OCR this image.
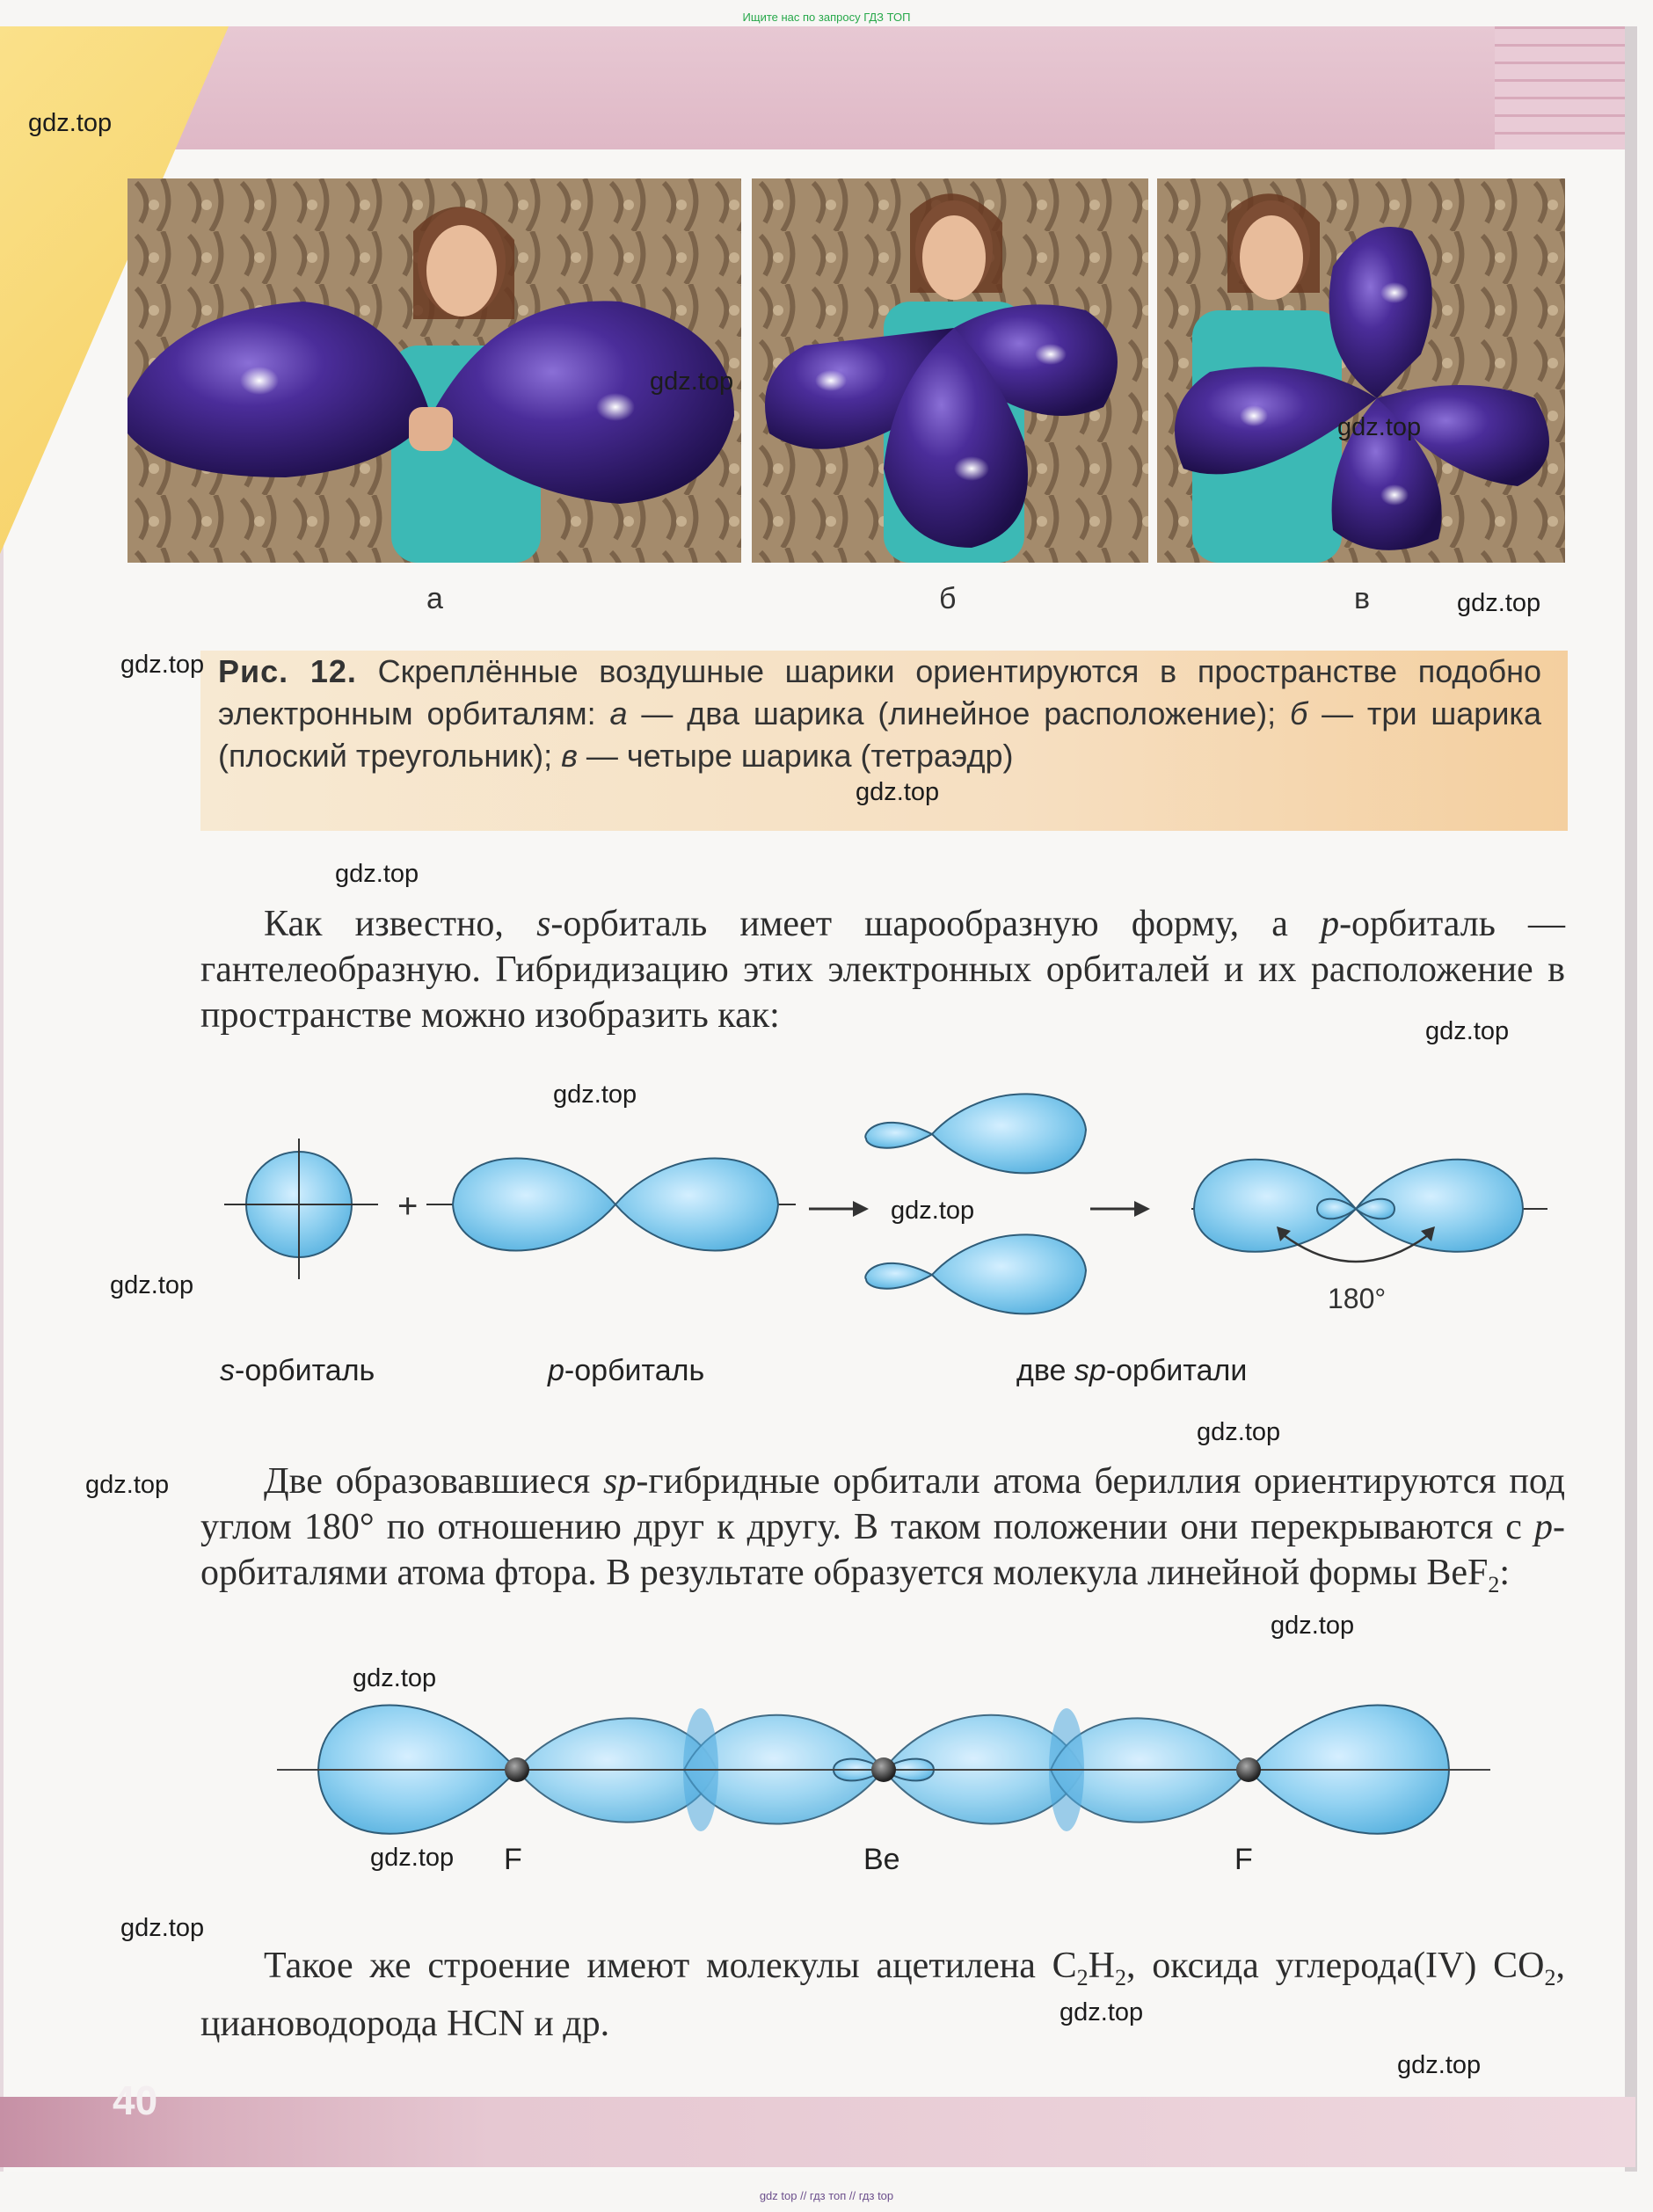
40
Ищите нас по запросу ГДЗ ТОП
gdz top // гдз топ // гдз top
а	б	в
Рис. 12. Скреплённые воздушные шарики ориентируются в пространстве подобно электронным орбиталям: а — два шарика (линейное расположение); б — три шарика (плоский треугольник); в — четыре шарика (тетраэдр)
Как известно, s-орбиталь имеет шарообразную форму, а p-орбиталь — гантелеобразную. Гибридизацию этих электронных орбиталей и их расположение в пространстве можно изобразить как:
+
180°
s-орбиталь	p-орбиталь	две sp-орбитали
Две образовавшиеся sp-гибридные орбитали атома бериллия ориентируются под углом 180° по отношению друг к другу. В таком положении они перекрываются с p-орбиталями атома фтора. В результате образуется молекула линейной формы BeF$_2$:
F	Be	F
Такое же строение имеют молекулы ацетилена $C_2H_2$, оксида углерода(IV) $CO_2$, циановодорода HCN и др.
gdz.top
gdz.top
gdz.top
gdz.top
gdz.top
gdz.top
gdz.top
gdz.top
gdz.top
gdz.top
gdz.top
gdz.top
gdz.top
gdz.top
gdz.top
gdz.top
gdz.top
gdz.top
gdz.top
